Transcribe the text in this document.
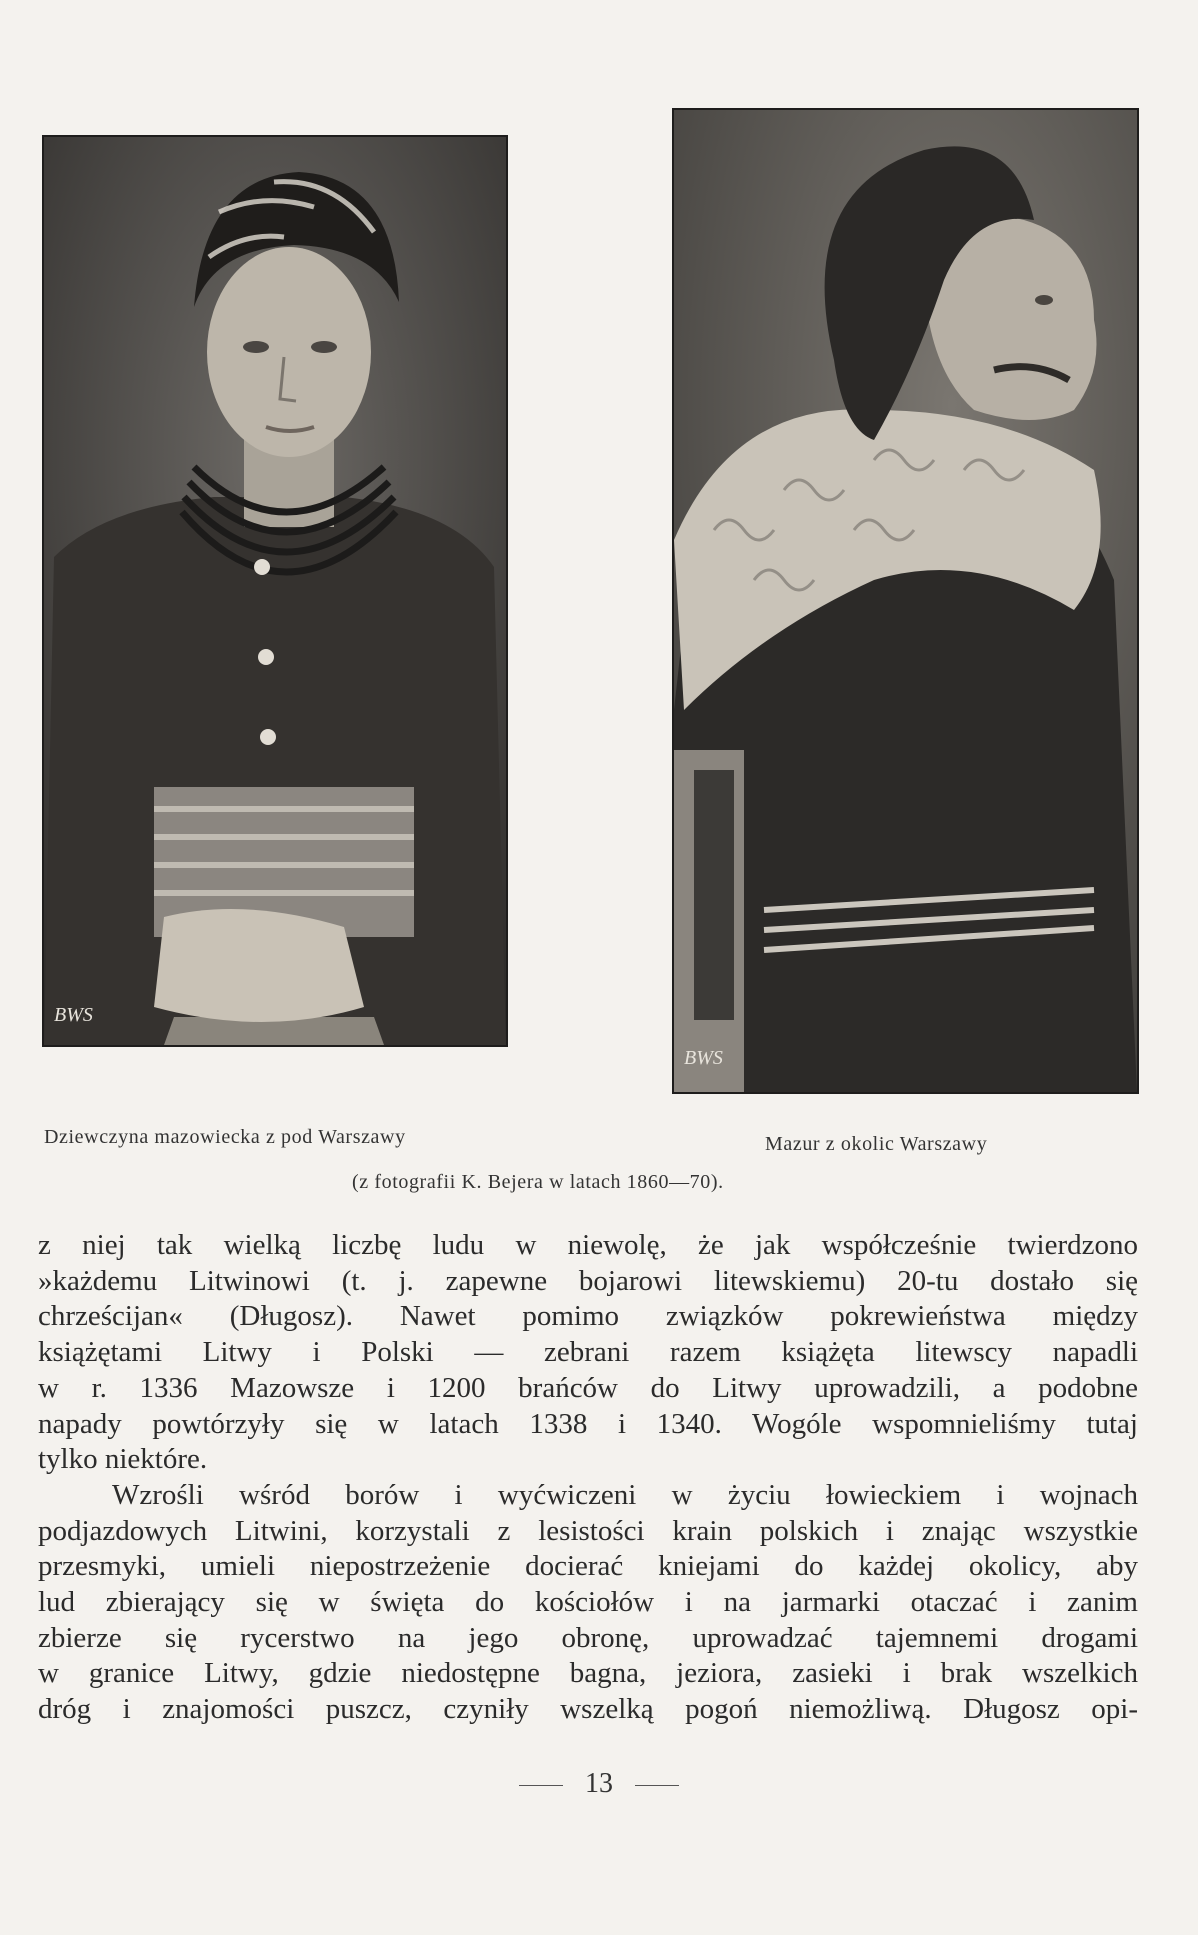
BWS
BWS
Dziewczyna mazowiecka z pod Warszawy	Mazur z okolic Warszawy
(z fotografii K. Bejera w latach 1860—70).
z niej tak wielką liczbę ludu w niewolę, że jak współcześnie twierdzono
»każdemu Litwinowi (t. j. zapewne bojarowi litewskiemu) 20-tu dostało się
chrześcijan« (Długosz). Nawet pomimo związków pokrewieństwa między
książętami Litwy i Polski — zebrani razem książęta litewscy napadli
w r. 1336 Mazowsze i 1200 brańców do Litwy uprowadzili, a podobne
napady powtórzyły się w latach 1338 i 1340. Wogóle wspomnieliśmy tutaj
tylko niektóre.
Wzrośli wśród borów i wyćwiczeni w życiu łowieckiem i wojnach
podjazdowych Litwini, korzystali z lesistości krain polskich i znając wszystkie
przesmyki, umieli niepostrzeżenie docierać kniejami do każdej okolicy, aby
lud zbierający się w święta do kościołów i na jarmarki otaczać i zanim
zbierze się rycerstwo na jego obronę, uprowadzać tajemnemi drogami
w granice Litwy, gdzie niedostępne bagna, jeziora, zasieki i brak wszelkich
dróg i znajomości puszcz, czyniły wszelką pogoń niemożliwą. Długosz opi-
13
